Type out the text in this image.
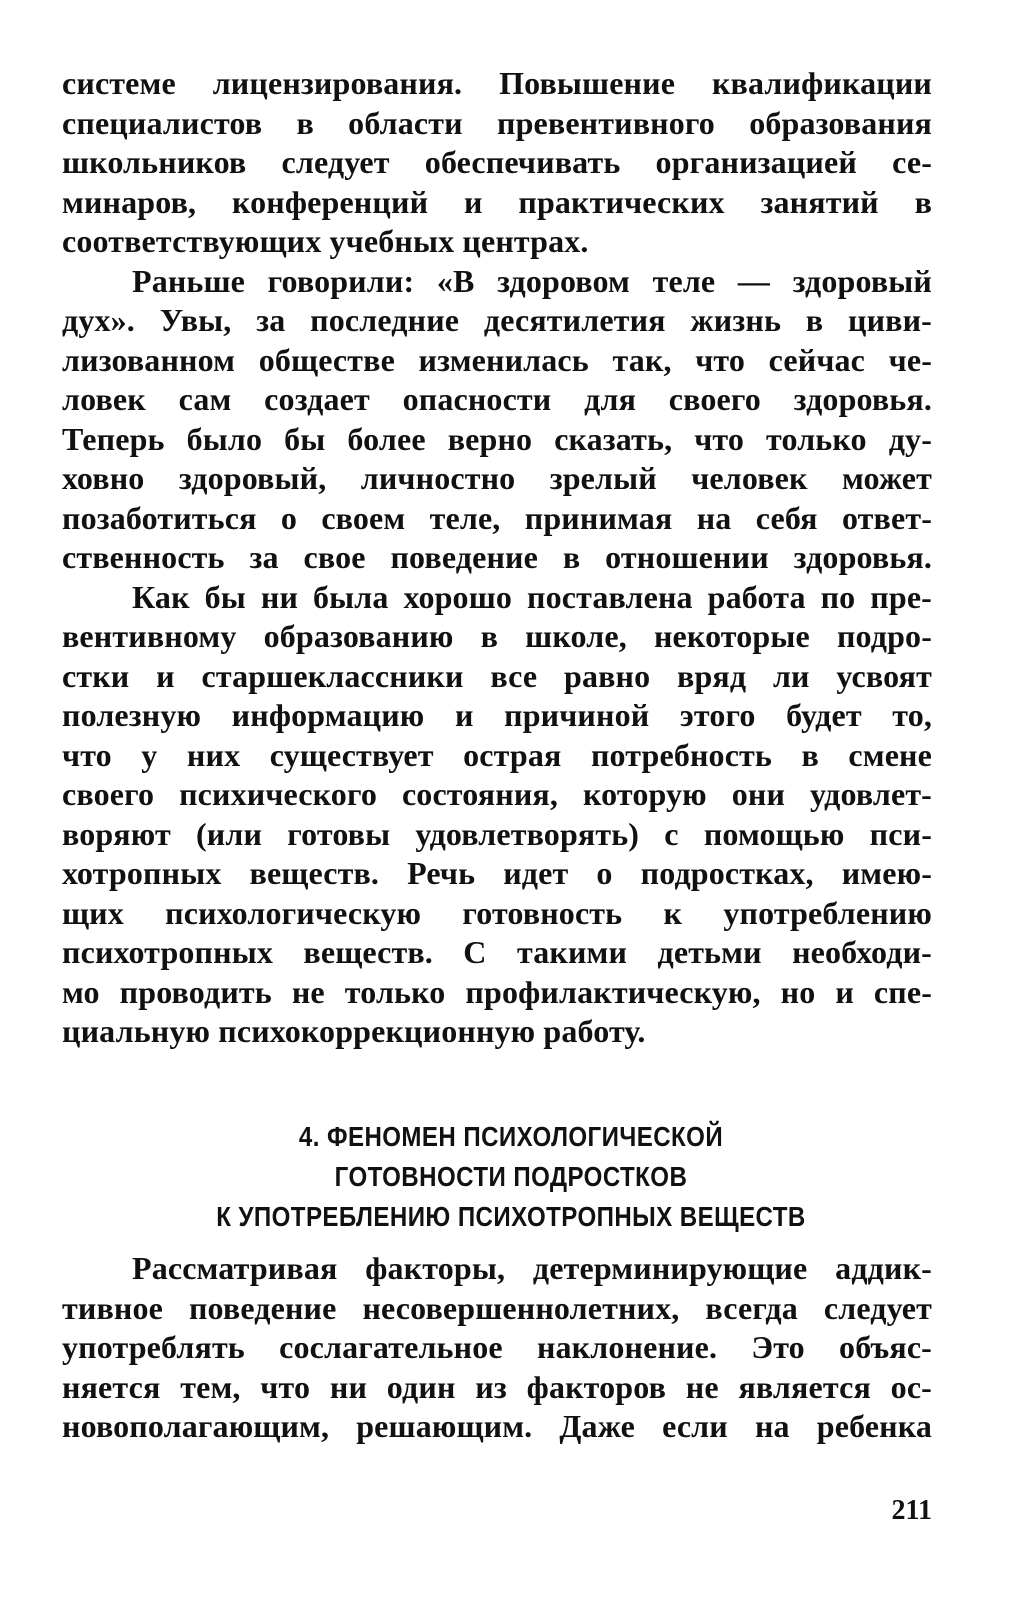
системе лицензирования. Повышение квалификации
специалистов в области превентивного образования
школьников следует обеспечивать организацией се-
минаров, конференций и практических занятий в
соответствующих учебных центрах.
Раньше говорили: «В здоровом теле — здоровый
дух». Увы, за последние десятилетия жизнь в циви-
лизованном обществе изменилась так, что сейчас че-
ловек сам создает опасности для своего здоровья.
Теперь было бы более верно сказать, что только ду-
ховно здоровый, личностно зрелый человек может
позаботиться о своем теле, принимая на себя ответ-
ственность за свое поведение в отношении здоровья.
Как бы ни была хорошо поставлена работа по пре-
вентивному образованию в школе, некоторые подро-
стки и старшеклассники все равно вряд ли усвоят
полезную информацию и причиной этого будет то,
что у них существует острая потребность в смене
своего психического состояния, которую они удовлет-
воряют (или готовы удовлетворять) с помощью пси-
хотропных веществ. Речь идет о подростках, имею-
щих психологическую готовность к употреблению
психотропных веществ. С такими детьми необходи-
мо проводить не только профилактическую, но и спе-
циальную психокоррекционную работу.
4. ФЕНОМЕН ПСИХОЛОГИЧЕСКОЙ
ГОТОВНОСТИ ПОДРОСТКОВ
К УПОТРЕБЛЕНИЮ ПСИХОТРОПНЫХ ВЕЩЕСТВ
Рассматривая факторы, детерминирующие аддик-
тивное поведение несовершеннолетних, всегда следует
употреблять сослагательное наклонение. Это объяс-
няется тем, что ни один из факторов не является ос-
новополагающим, решающим. Даже если на ребенка
211
